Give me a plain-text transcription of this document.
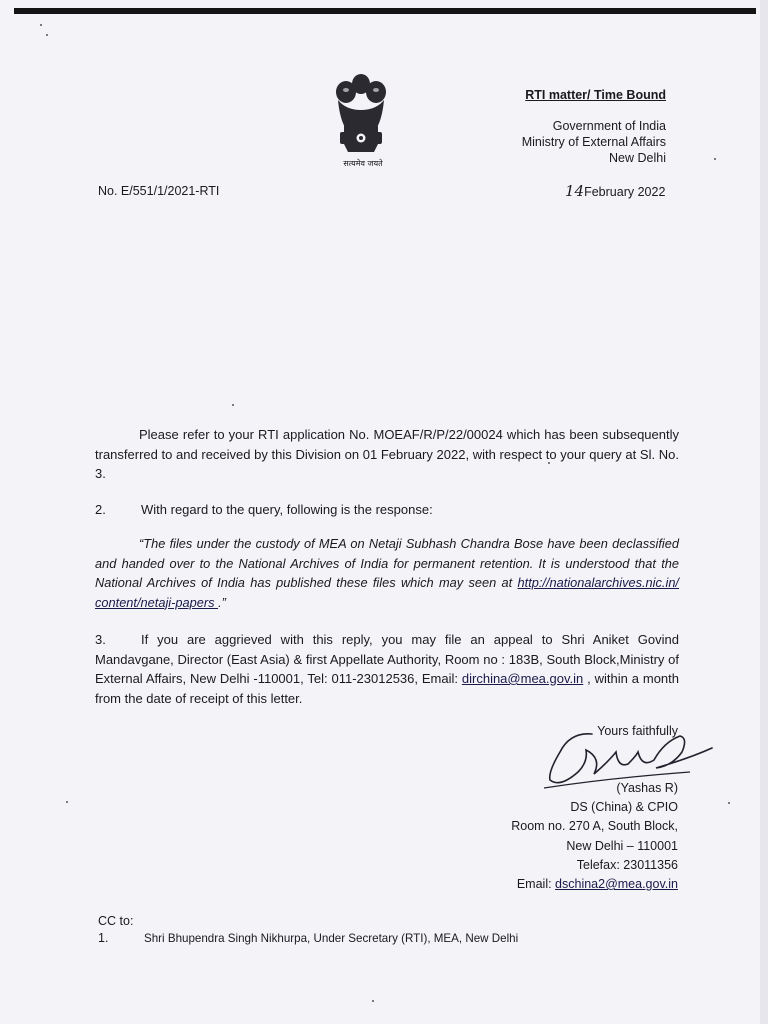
सत्यमेव जयते
RTI matter/ Time Bound
Government of India
Ministry of External Affairs
New Delhi
No. E/551/1/2021-RTI	14February 2022
Please refer to your RTI application No. MOEAF/R/P/22/00024 which has been subsequently transferred to and received by this Division on 01 February 2022, with respect to your query at Sl. No. 3.
2.	With regard to the query, following is the response:
“The files under the custody of MEA on Netaji Subhash Chandra Bose have been declassified and handed over to the National Archives of India for permanent retention. It is understood that the National Archives of India has published these files which may seen at http://nationalarchives.nic.in/ content/netaji-papers .”
3.	If you are aggrieved with this reply, you may file an appeal to Shri Aniket Govind Mandavgane, Director (East Asia) & first Appellate Authority, Room no : 183B, South Block,Ministry of External Affairs, New Delhi -110001, Tel: 011-23012536, Email: dirchina@mea.gov.in , within a month from the date of receipt of this letter.
Yours faithfully
(Yashas R)
DS (China) & CPIO
Room no. 270 A, South Block,
New Delhi – 110001
Telefax: 23011356
Email: dschina2@mea.gov.in
CC to:
1.	Shri Bhupendra Singh Nikhurpa, Under Secretary (RTI), MEA, New Delhi
